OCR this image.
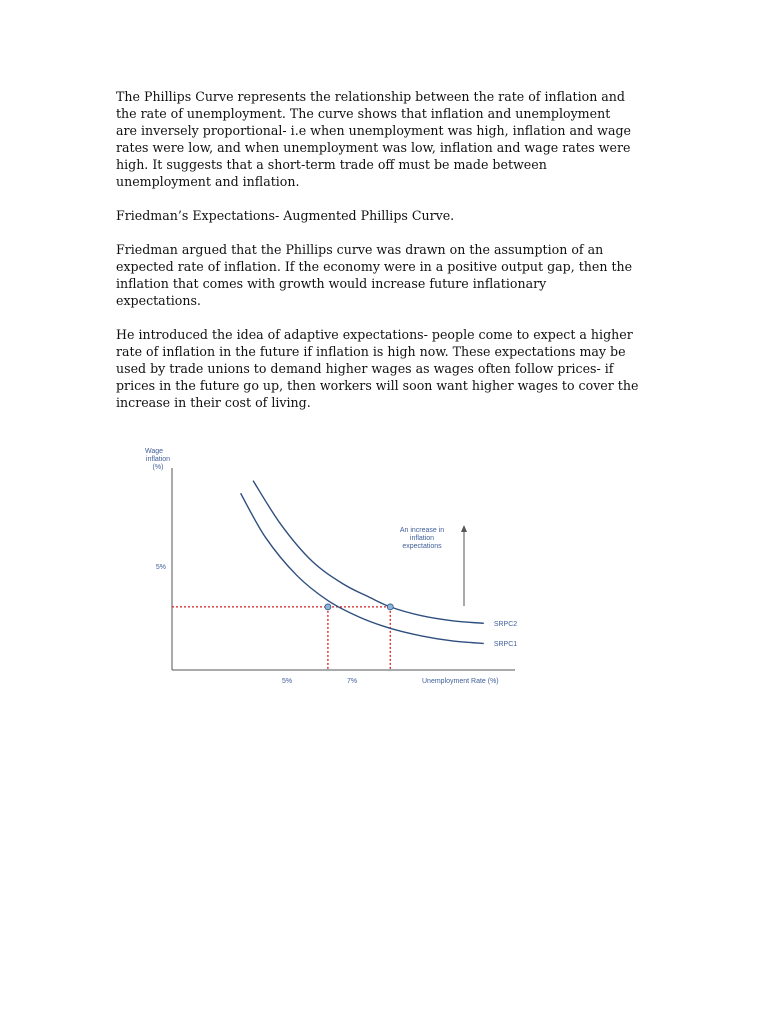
The Phillips Curve represents the relationship between the rate of inflation and
the rate of unemployment. The curve shows that inflation and unemployment
are inversely proportional- i.e when unemployment was high, inflation and wage
rates were low, and when unemployment was low, inflation and wage rates were
high. It suggests that a short-term trade off must be made between
unemployment and inflation.

Friedman’s Expectations- Augmented Phillips Curve.

Friedman argued that the Phillips curve was drawn on the assumption of an
expected rate of inflation. If the economy were in a positive output gap, then the
inflation that comes with growth would increase future inflationary
expectations.

He introduced the idea of adaptive expectations- people come to expect a higher
rate of inflation in the future if inflation is high now. These expectations may be
used by trade unions to demand higher wages as wages often follow prices- if
prices in the future go up, then workers will soon want higher wages to cover the
increase in their cost of living.

Wage
inflation
(%)
Unemployment Rate (%)
An increase in
inflation
expectations
SRPC1
SRPC2
5%
5%	7%
